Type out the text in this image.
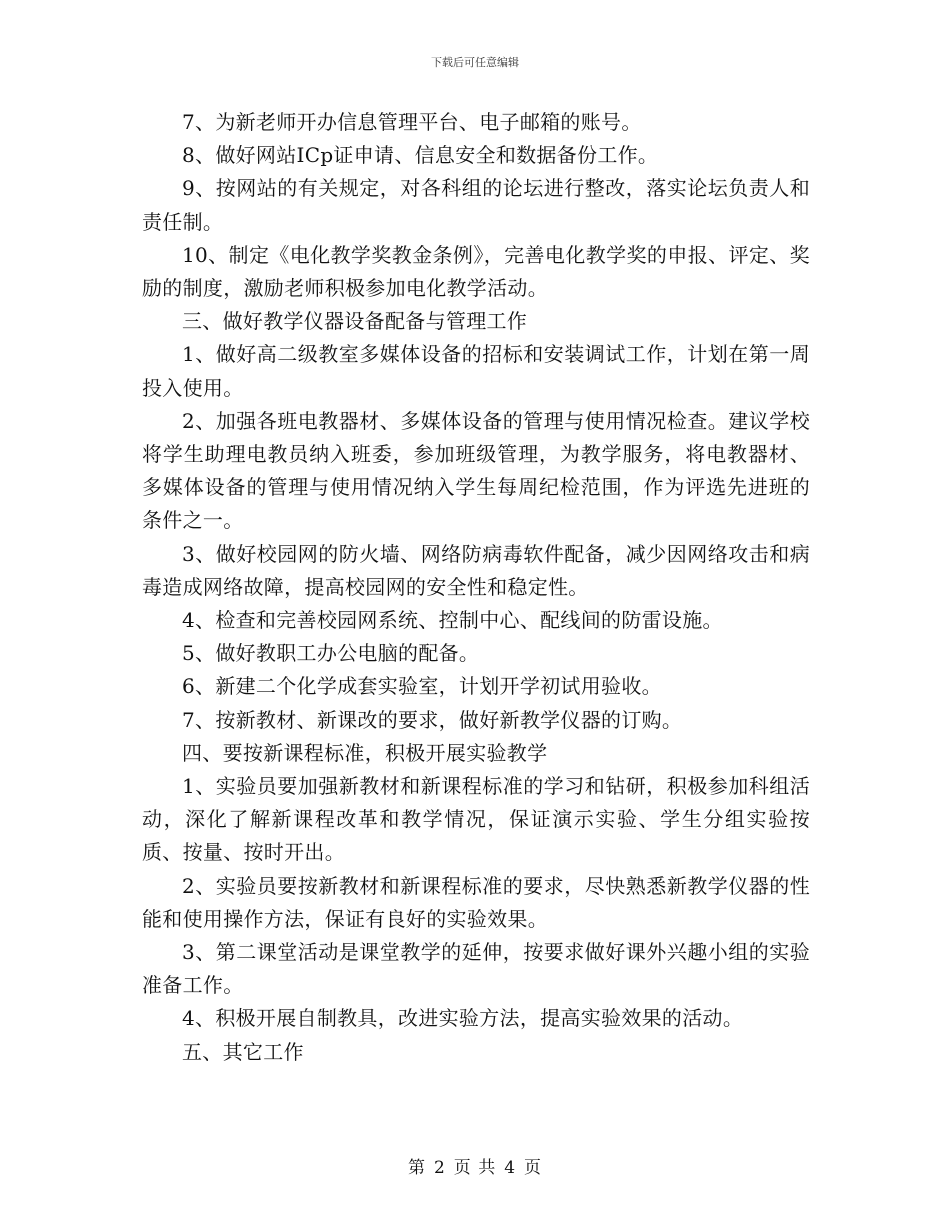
下载后可任意编辑

7、为新老师开办信息管理平台、电子邮箱的账号。

8、做好网站ICp证申请、信息安全和数据备份工作。

9、按网站的有关规定，对各科组的论坛进行整改，落实论坛负责人和责任制。

10、制定《电化教学奖教金条例》，完善电化教学奖的申报、评定、奖励的制度，激励老师积极参加电化教学活动。

三、做好教学仪器设备配备与管理工作

1、做好高二级教室多媒体设备的招标和安装调试工作，计划在第一周投入使用。

2、加强各班电教器材、多媒体设备的管理与使用情况检查。建议学校将学生助理电教员纳入班委，参加班级管理，为教学服务，将电教器材、多媒体设备的管理与使用情况纳入学生每周纪检范围，作为评选先进班的条件之一。

3、做好校园网的防火墙、网络防病毒软件配备，减少因网络攻击和病毒造成网络故障，提高校园网的安全性和稳定性。

4、检查和完善校园网系统、控制中心、配线间的防雷设施。

5、做好教职工办公电脑的配备。

6、新建二个化学成套实验室，计划开学初试用验收。

7、按新教材、新课改的要求，做好新教学仪器的订购。

四、要按新课程标准，积极开展实验教学

1、实验员要加强新教材和新课程标准的学习和钻研，积极参加科组活动，深化了解新课程改革和教学情况，保证演示实验、学生分组实验按质、按量、按时开出。

2、实验员要按新教材和新课程标准的要求，尽快熟悉新教学仪器的性能和使用操作方法，保证有良好的实验效果。

3、第二课堂活动是课堂教学的延伸，按要求做好课外兴趣小组的实验准备工作。

4、积极开展自制教具，改进实验方法，提高实验效果的活动。

五、其它工作

第 2 页 共 4 页
